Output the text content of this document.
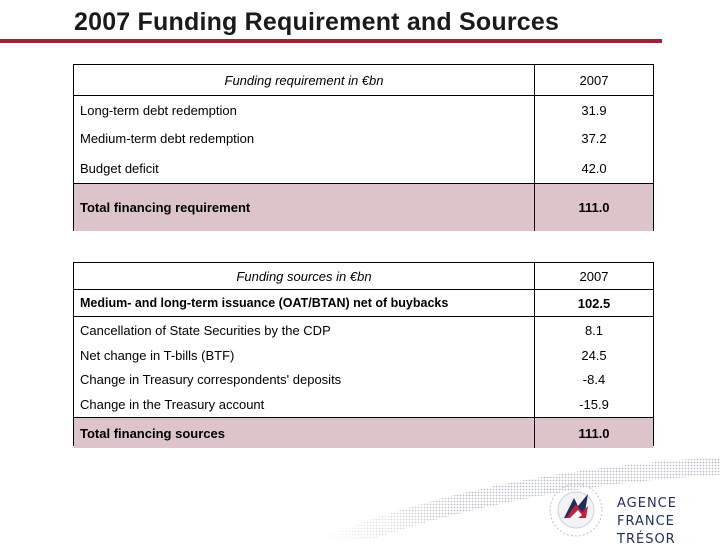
2007 Funding Requirement and Sources
Funding requirement in €bn	2007
Long-term debt redemption	31.9
Medium-term debt redemption	37.2
Budget deficit	42.0
Total financing requirement	111.0
Funding sources in €bn	2007
Medium- and long-term issuance (OAT/BTAN) net of buybacks	102.5
Cancellation of State Securities by the CDP	8.1
Net change in T-bills (BTF)	24.5
Change in Treasury correspondents' deposits	-8.4
Change in the Treasury account	-15.9
Total financing sources	111.0
AGENCE
FRANCE TRÉSOR
